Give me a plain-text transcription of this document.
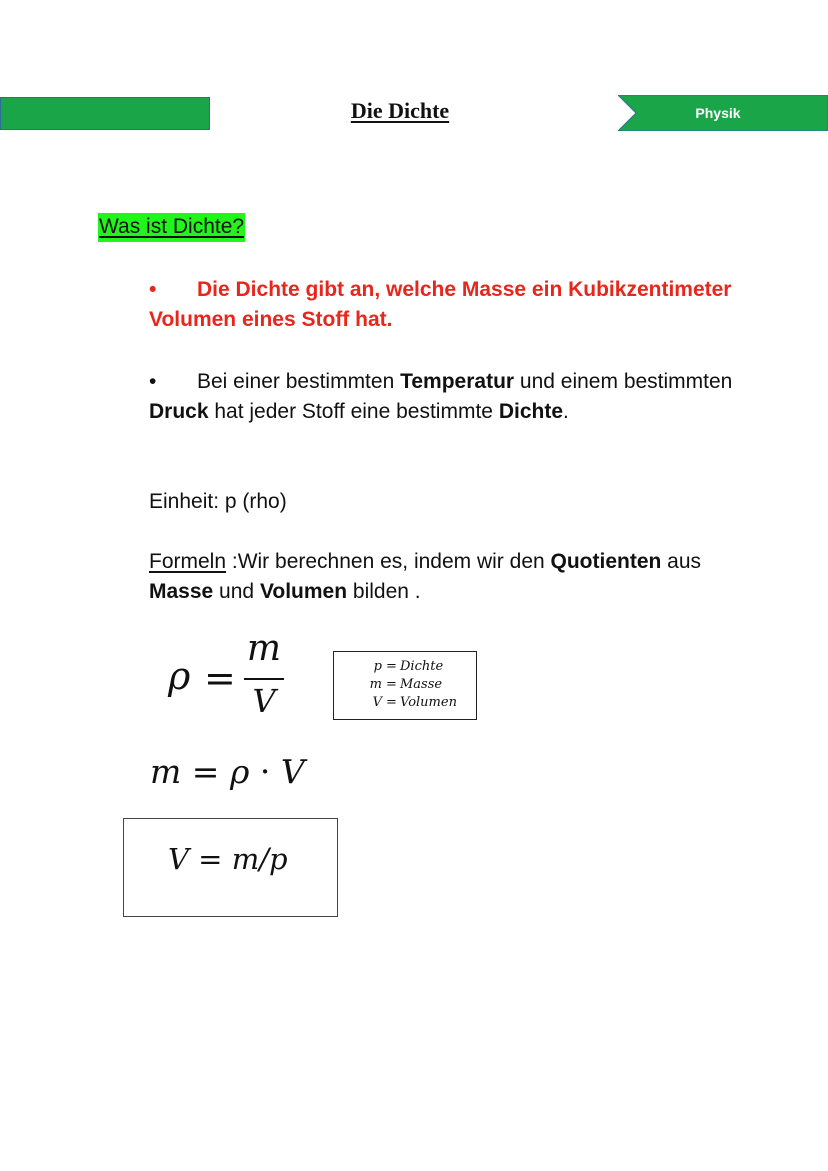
Die Dichte	Physik
Was ist Dichte?
• Die Dichte gibt an, welche Masse ein Kubikzentimeter Volumen eines Stoff hat.
• Bei einer bestimmten Temperatur und einem bestimmten Druck hat jeder Stoff eine bestimmte Dichte.
Einheit: p (rho)
Formeln :Wir berechnen es, indem wir den Quotienten aus Masse und Volumen bilden .
ρ =
m
V
p = Dichte
m = Masse
V = Volumen
m = ρ · V
V = m/p
